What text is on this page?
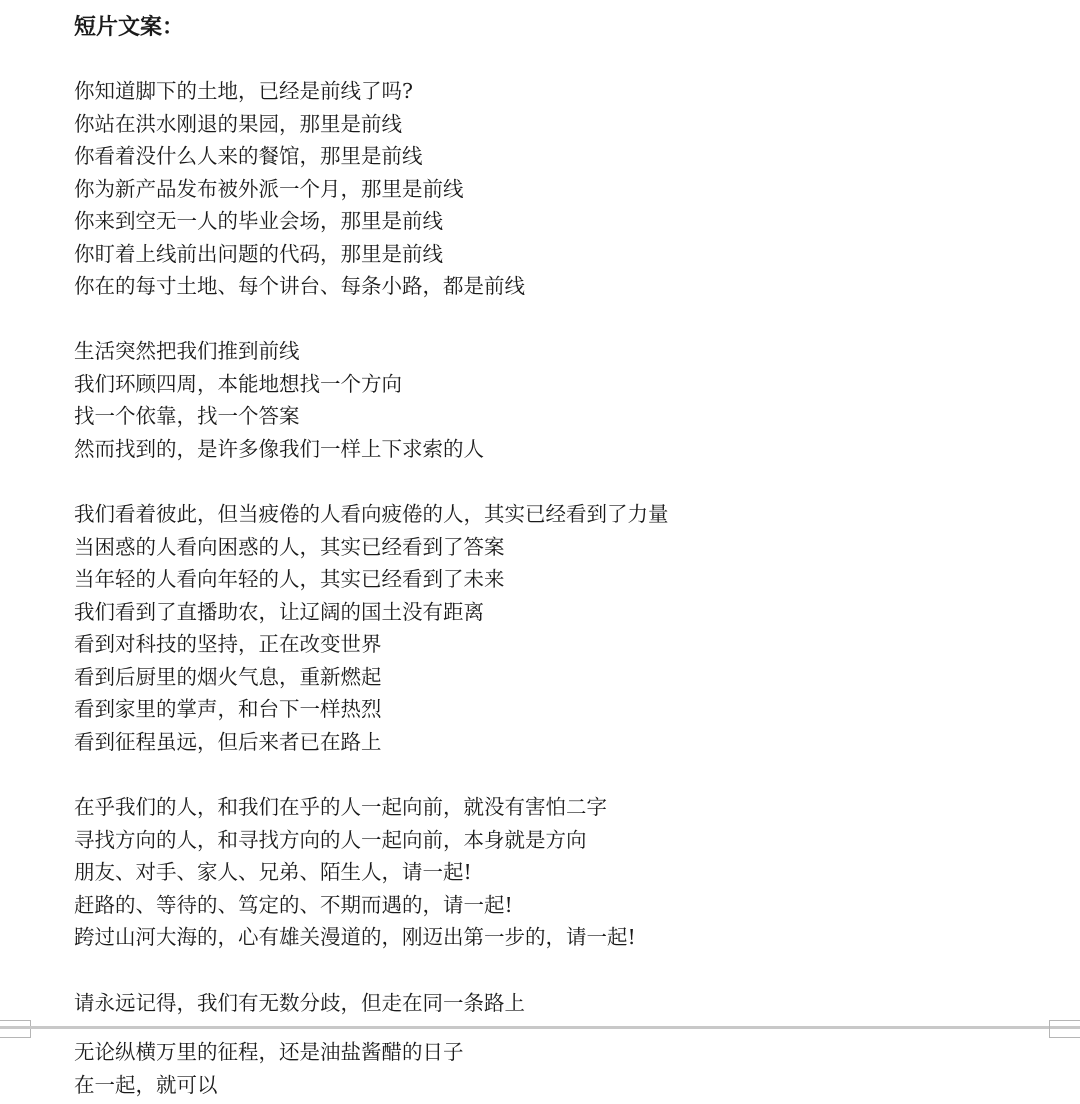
短片文案：
你知道脚下的土地，已经是前线了吗?
你站在洪水刚退的果园，那里是前线
你看着没什么人来的餐馆，那里是前线
你为新产品发布被外派一个月，那里是前线
你来到空无一人的毕业会场，那里是前线
你盯着上线前出问题的代码，那里是前线
你在的每寸土地、每个讲台、每条小路，都是前线
生活突然把我们推到前线
我们环顾四周，本能地想找一个方向
找一个依靠，找一个答案
然而找到的，是许多像我们一样上下求索的人
我们看着彼此，但当疲倦的人看向疲倦的人，其实已经看到了力量
当困惑的人看向困惑的人，其实已经看到了答案
当年轻的人看向年轻的人，其实已经看到了未来
我们看到了直播助农，让辽阔的国土没有距离
看到对科技的坚持，正在改变世界
看到后厨里的烟火气息，重新燃起
看到家里的掌声，和台下一样热烈
看到征程虽远，但后来者已在路上
在乎我们的人，和我们在乎的人一起向前，就没有害怕二字
寻找方向的人，和寻找方向的人一起向前，本身就是方向
朋友、对手、家人、兄弟、陌生人，请一起!
赶路的、等待的、笃定的、不期而遇的，请一起!
跨过山河大海的，心有雄关漫道的，刚迈出第一步的，请一起!
请永远记得，我们有无数分歧，但走在同一条路上
无论纵横万里的征程，还是油盐酱醋的日子
在一起，就可以
